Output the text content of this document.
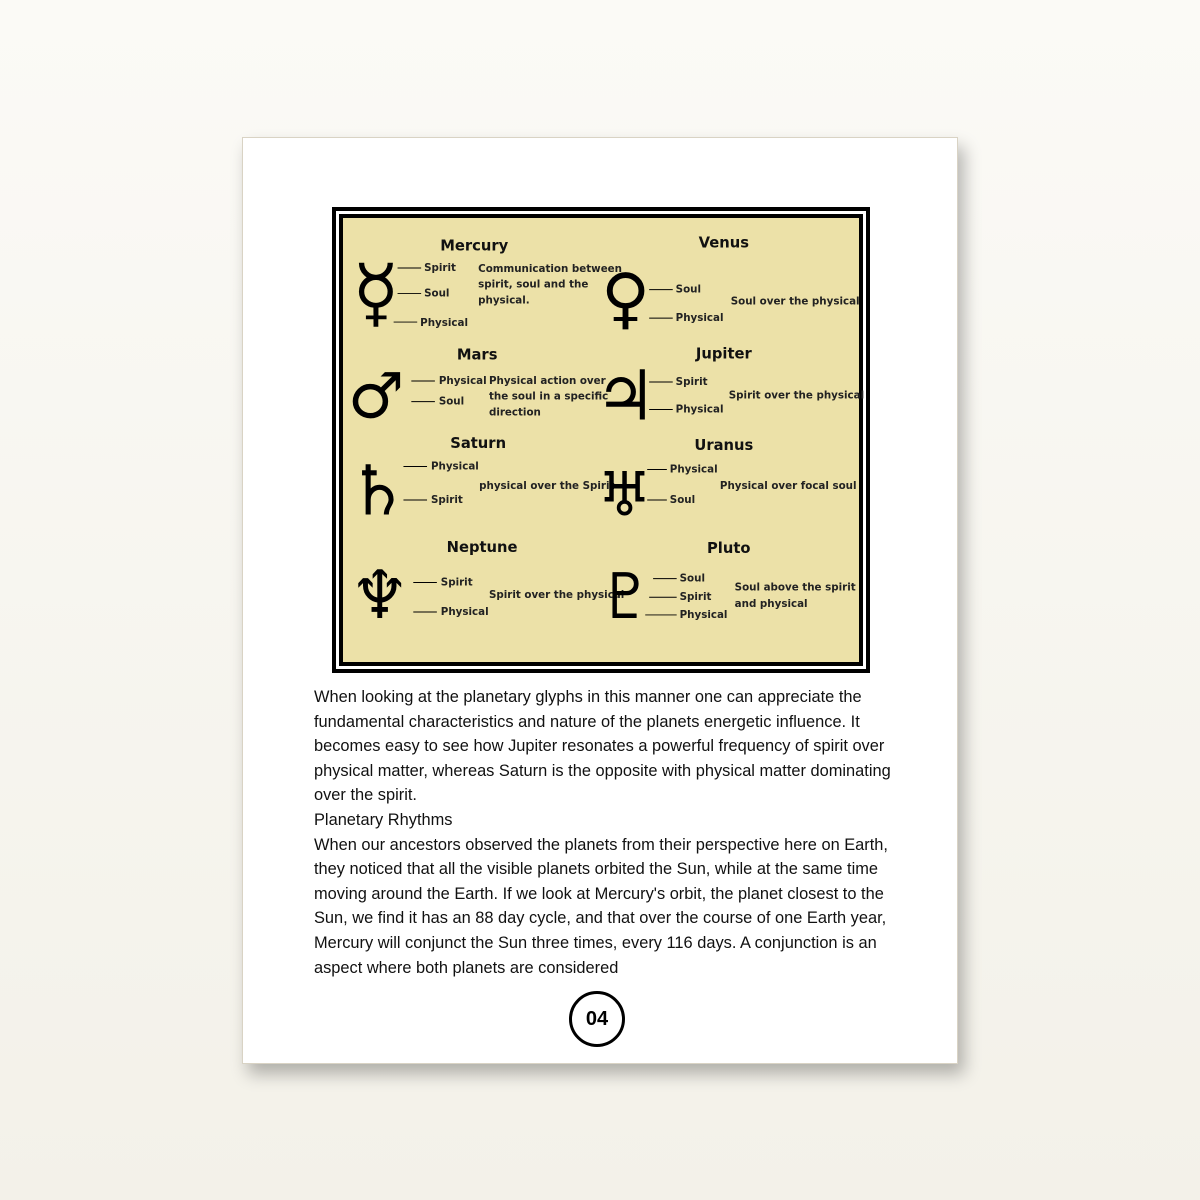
Mercury
☿ Spirit
Soul
Physical
Communication between
spirit, soul and the
physical.
Venus
♀ Soul
Physical
Soul over the physical
Mars
♂	Physical
Soul
Physical action over
the soul in a specific
direction
Jupiter
♃ Spirit
Physical
Spirit over the physical
Saturn
♄ Physical
Spirit
physical over the Spirit
Uranus
♅ Physical
Soul
Physical over focal soul
Neptune
♆	Spirit
Physical
Spirit over the physical
Pluto
♇ Soul
Spirit
Physical
Soul above the spirit
and physical

When looking at the planetary glyphs in this manner one can appreciate the fundamental characteristics and nature of the planets energetic influence. It becomes easy to see how Jupiter resonates a powerful frequency of spirit over physical matter, whereas Saturn is the opposite with physical matter dominating over the spirit.

Planetary Rhythms

When our ancestors observed the planets from their perspective here on Earth, they noticed that all the visible planets orbited the Sun, while at the same time moving around the Earth. If we look at Mercury's orbit, the planet closest to the Sun, we find it has an 88 day cycle, and that over the course of one Earth year, Mercury will conjunct the Sun three times, every 116 days. A conjunction is an aspect where both planets are considered

04
